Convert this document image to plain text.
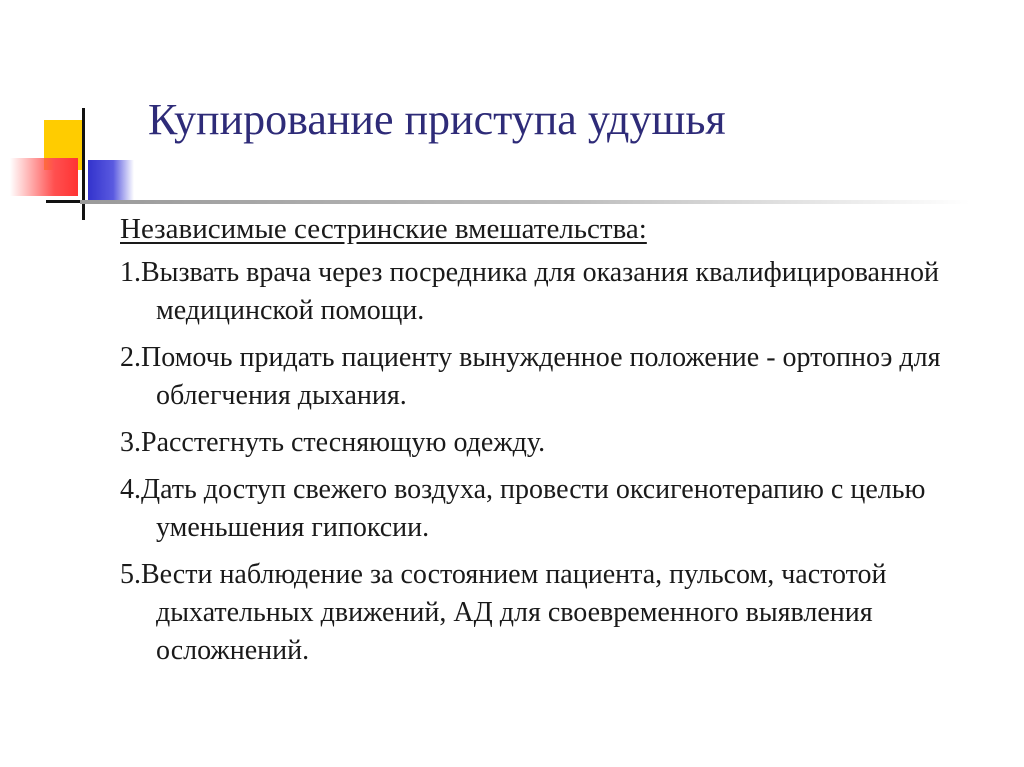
Купирование приступа удушья

Независимые сестринские вмешательства:

1.Вызвать врача через посредника для оказания квалифицированной медицинской помощи.

2.Помочь придать пациенту вынужденное положение - ортопноэ для облегчения дыхания.

3.Расстегнуть стесняющую одежду.

4.Дать доступ свежего воздуха, провести оксигенотерапию с целью уменьшения гипоксии.

5.Вести наблюдение за состоянием пациента, пульсом, частотой дыхательных движений, АД для своевременного выявления осложнений.
